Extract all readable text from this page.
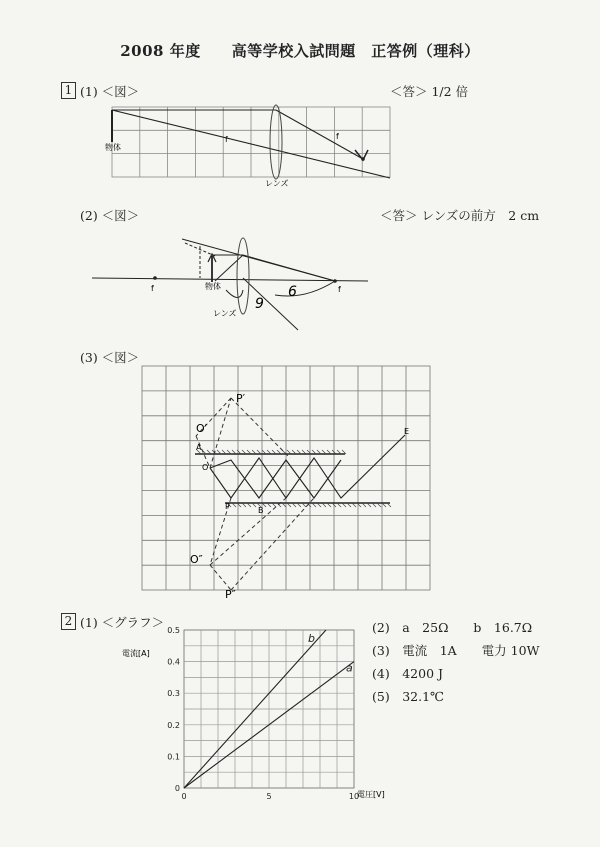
2008 年度　　高等学校入試問題　正答例（理科）
1 (1) ＜図＞	＜答＞ 1/2 倍
物体
レンズ
f	f
f	f
物体
レンズ
9
6
P′
O′
A
E
O
P	B
O″
P″
(2) ＜図＞	＜答＞ レンズの前方　2 cm
(3) ＜図＞
2 (1) ＜グラフ＞	(2)　a　25Ω　　b　16.7Ω
(3)　電流　1A　　電力 10W
(4)　4200 J
(5)　32.1℃
0
0.1
0.2
0.3
0.4
0.5
0	5	10
b
a
電流[A]
電圧[V]
